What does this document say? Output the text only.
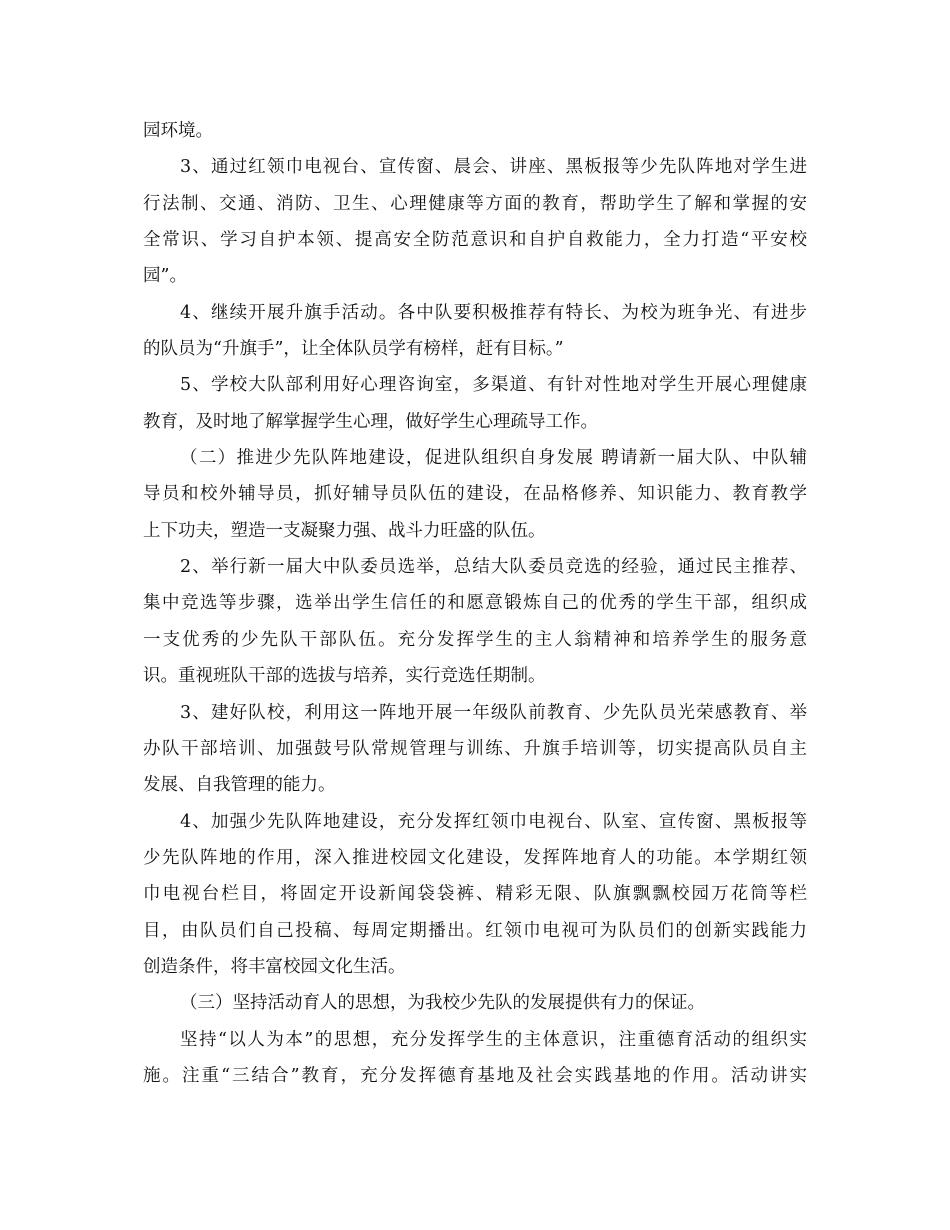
园环境。
3、通过红领巾电视台、宣传窗、晨会、讲座、黑板报等少先队阵地对学生进
行法制、交通、消防、卫生、心理健康等方面的教育，帮助学生了解和掌握的安
全常识、学习自护本领、提高安全防范意识和自护自救能力，全力打造“平安校
园”。
4、继续开展升旗手活动。各中队要积极推荐有特长、为校为班争光、有进步
的队员为“升旗手”，让全体队员学有榜样，赶有目标。”
5、学校大队部利用好心理咨询室，多渠道、有针对性地对学生开展心理健康
教育，及时地了解掌握学生心理，做好学生心理疏导工作。
（二）推进少先队阵地建设，促进队组织自身发展 聘请新一届大队、中队辅
导员和校外辅导员，抓好辅导员队伍的建设，在品格修养、知识能力、教育教学
上下功夫，塑造一支凝聚力强、战斗力旺盛的队伍。
2、举行新一届大中队委员选举，总结大队委员竞选的经验，通过民主推荐、
集中竞选等步骤，选举出学生信任的和愿意锻炼自己的优秀的学生干部，组织成
一支优秀的少先队干部队伍。充分发挥学生的主人翁精神和培养学生的服务意
识。重视班队干部的选拔与培养，实行竞选任期制。
3、建好队校，利用这一阵地开展一年级队前教育、少先队员光荣感教育、举
办队干部培训、加强鼓号队常规管理与训练、升旗手培训等，切实提高队员自主
发展、自我管理的能力。
4、加强少先队阵地建设，充分发挥红领巾电视台、队室、宣传窗、黑板报等
少先队阵地的作用，深入推进校园文化建设，发挥阵地育人的功能。本学期红领
巾电视台栏目，将固定开设新闻袋袋裤、精彩无限、队旗飘飘校园万花筒等栏
目，由队员们自己投稿、每周定期播出。红领巾电视可为队员们的创新实践能力
创造条件，将丰富校园文化生活。
（三）坚持活动育人的思想，为我校少先队的发展提供有力的保证。
坚持“以人为本”的思想，充分发挥学生的主体意识，注重德育活动的组织实
施。注重“三结合”教育，充分发挥德育基地及社会实践基地的作用。活动讲实
